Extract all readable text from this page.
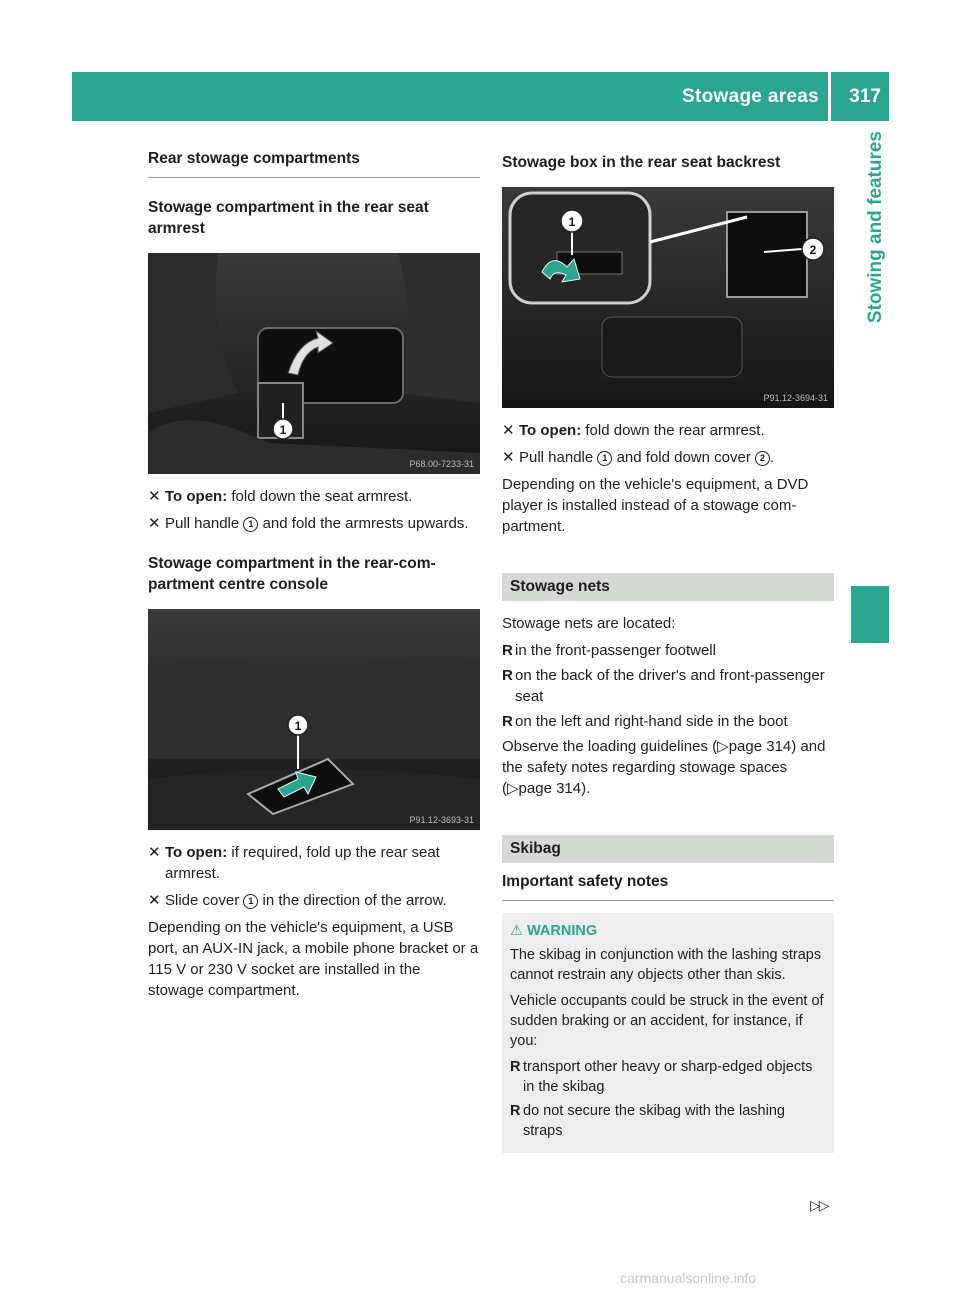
Stowage areas 317
Stowing and features
Rear stowage compartments
Stowage compartment in the rear seat armrest
1
P68.00-7233-31
✕ To open: fold down the seat armrest.
✕ Pull handle 1 and fold the armrests upwards.
Stowage compartment in the rear-com-partment centre console
1
P91.12-3693-31
✕ To open: if required, fold up the rear seat armrest.
✕ Slide cover 1 in the direction of the arrow.

Depending on the vehicle's equipment, a USB port, an AUX-IN jack, a mobile phone bracket or a 115 V or 230 V socket are installed in the stowage compartment.

Stowage box in the rear seat backrest
1
2
P91.12-3694-31
✕ To open: fold down the rear armrest.
✕ Pull handle 1 and fold down cover 2 .

Depending on the vehicle's equipment, a DVD player is installed instead of a stowage com-partment.

Stowage nets

Stowage nets are located:

R in the front-passenger footwell
R on the back of the driver's and front-passenger seat
R on the left and right-hand side in the boot

Observe the loading guidelines (▷page 314) and the safety notes regarding stowage spaces (▷page 314).

Skibag
Important safety notes
⚠ WARNING

The skibag in conjunction with the lashing straps cannot restrain any objects other than skis.

Vehicle occupants could be struck in the event of sudden braking or an accident, for instance, if you:

R transport other heavy or sharp-edged objects in the skibag
R do not secure the skibag with the lashing straps
▷▷
carmanualsonline.info
